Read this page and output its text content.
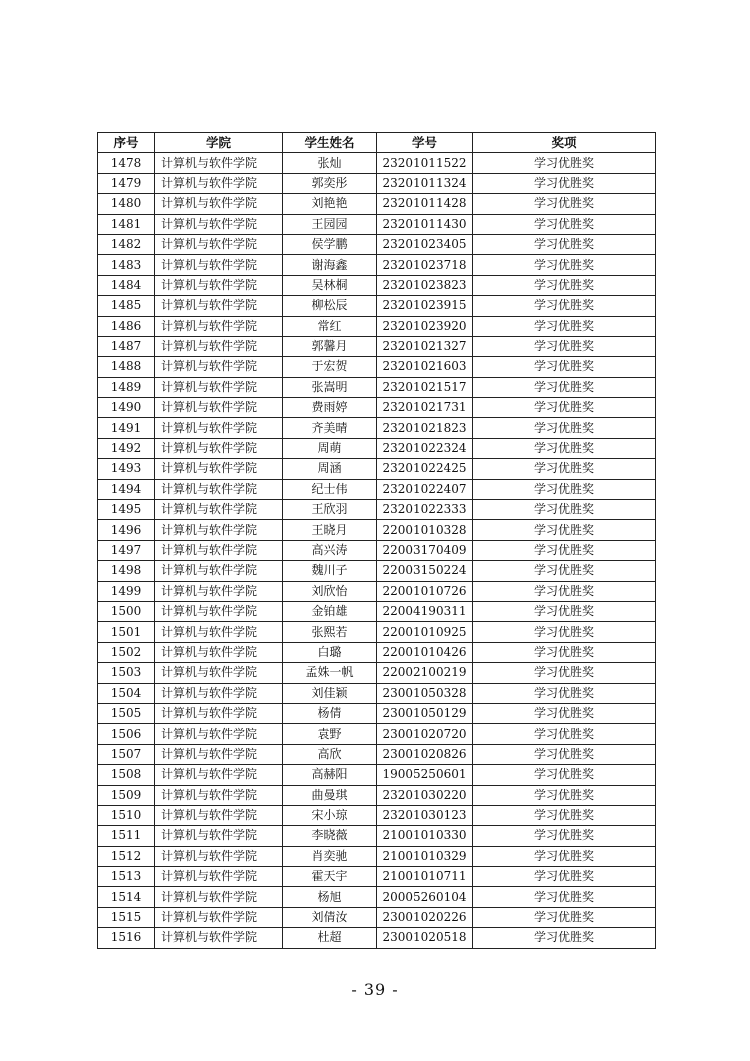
序号	学院	学生姓名	学号	奖项
1478	计算机与软件学院	张灿	23201011522	学习优胜奖
1479	计算机与软件学院	郭奕彤	23201011324	学习优胜奖
1480	计算机与软件学院	刘艳艳	23201011428	学习优胜奖
1481	计算机与软件学院	王园园	23201011430	学习优胜奖
1482	计算机与软件学院	侯学鹏	23201023405	学习优胜奖
1483	计算机与软件学院	谢海鑫	23201023718	学习优胜奖
1484	计算机与软件学院	吴林桐	23201023823	学习优胜奖
1485	计算机与软件学院	柳松辰	23201023915	学习优胜奖
1486	计算机与软件学院	常红	23201023920	学习优胜奖
1487	计算机与软件学院	郭馨月	23201021327	学习优胜奖
1488	计算机与软件学院	于宏贺	23201021603	学习优胜奖
1489	计算机与软件学院	张嵩明	23201021517	学习优胜奖
1490	计算机与软件学院	费雨婷	23201021731	学习优胜奖
1491	计算机与软件学院	齐美晴	23201021823	学习优胜奖
1492	计算机与软件学院	周萌	23201022324	学习优胜奖
1493	计算机与软件学院	周涵	23201022425	学习优胜奖
1494	计算机与软件学院	纪士伟	23201022407	学习优胜奖
1495	计算机与软件学院	王欣羽	23201022333	学习优胜奖
1496	计算机与软件学院	王晓月	22001010328	学习优胜奖
1497	计算机与软件学院	高兴涛	22003170409	学习优胜奖
1498	计算机与软件学院	魏川子	22003150224	学习优胜奖
1499	计算机与软件学院	刘欣怡	22001010726	学习优胜奖
1500	计算机与软件学院	金铂雄	22004190311	学习优胜奖
1501	计算机与软件学院	张熙若	22001010925	学习优胜奖
1502	计算机与软件学院	白璐	22001010426	学习优胜奖
1503	计算机与软件学院	孟姝一帆	22002100219	学习优胜奖
1504	计算机与软件学院	刘佳颖	23001050328	学习优胜奖
1505	计算机与软件学院	杨倩	23001050129	学习优胜奖
1506	计算机与软件学院	袁野	23001020720	学习优胜奖
1507	计算机与软件学院	高欣	23001020826	学习优胜奖
1508	计算机与软件学院	高赫阳	19005250601	学习优胜奖
1509	计算机与软件学院	曲曼琪	23201030220	学习优胜奖
1510	计算机与软件学院	宋小琼	23201030123	学习优胜奖
1511	计算机与软件学院	李晓薇	21001010330	学习优胜奖
1512	计算机与软件学院	肖奕驰	21001010329	学习优胜奖
1513	计算机与软件学院	霍天宇	21001010711	学习优胜奖
1514	计算机与软件学院	杨旭	20005260104	学习优胜奖
1515	计算机与软件学院	刘倩汝	23001020226	学习优胜奖
1516	计算机与软件学院	杜超	23001020518	学习优胜奖
- 39 -
